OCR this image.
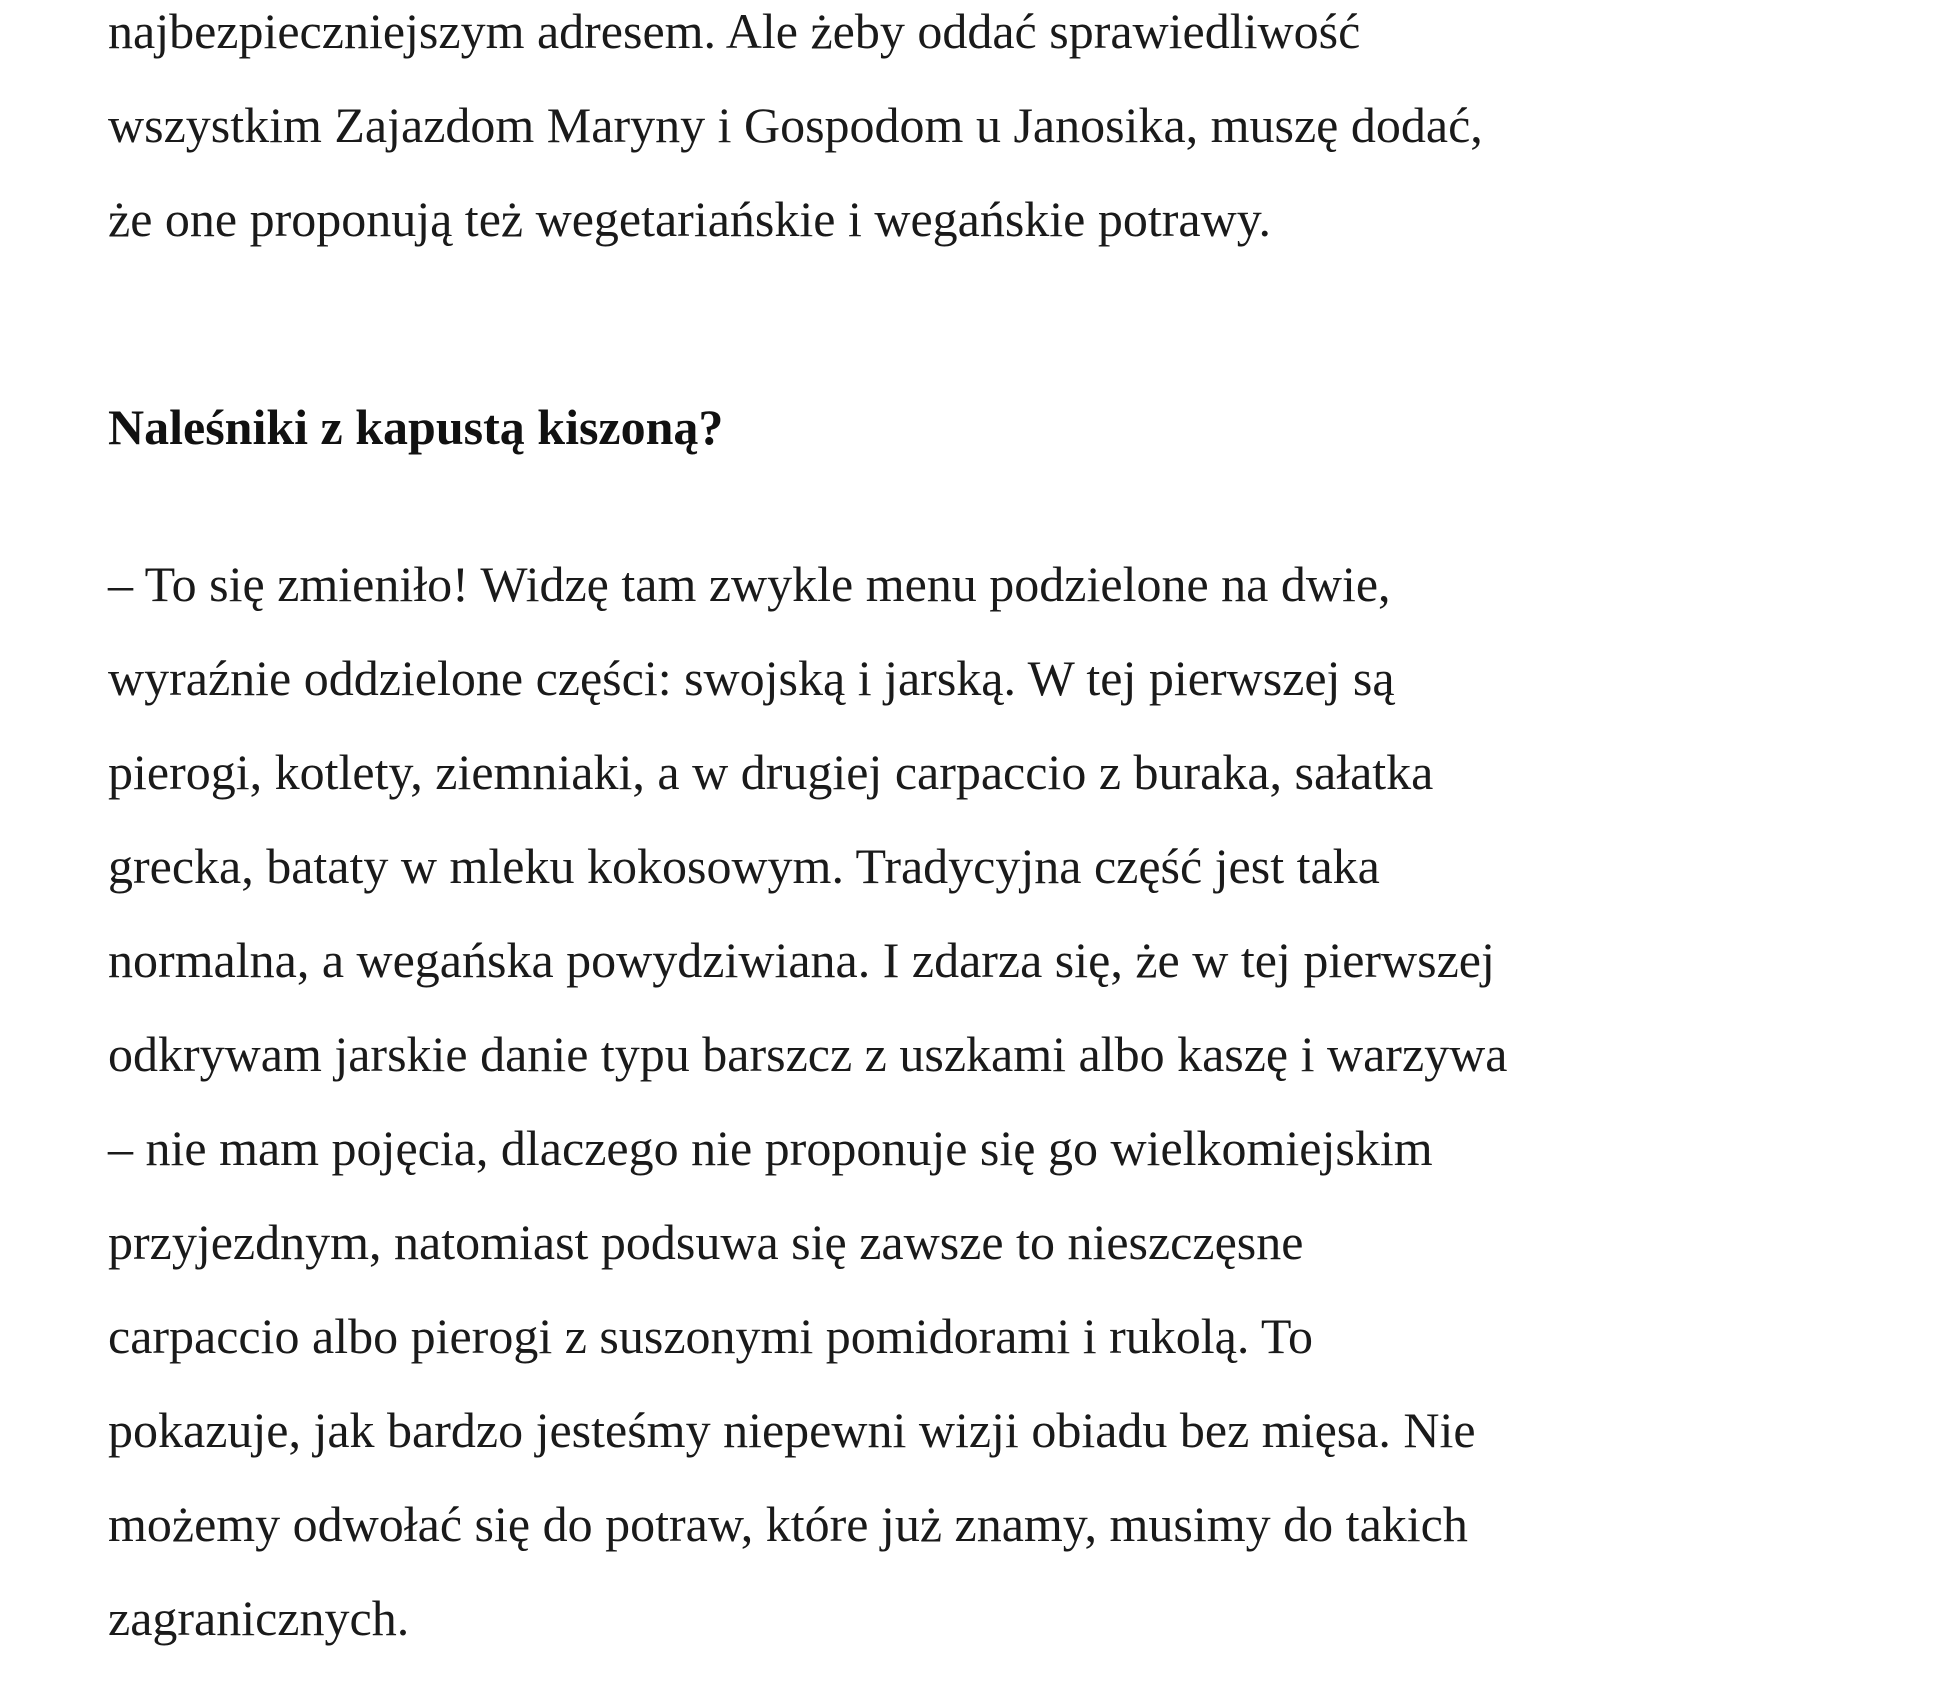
najbezpieczniejszym adresem. Ale żeby oddać sprawiedliwość
wszystkim Zajazdom Maryny i Gospodom u Janosika, muszę dodać,
że one proponują też wegetariańskie i wegańskie potrawy.
Naleśniki z kapustą kiszoną?
– To się zmieniło! Widzę tam zwykle menu podzielone na dwie,
wyraźnie oddzielone części: swojską i jarską. W tej pierwszej są
pierogi, kotlety, ziemniaki, a w drugiej carpaccio z buraka, sałatka
grecka, bataty w mleku kokosowym. Tradycyjna część jest taka
normalna, a wegańska powydziwiana. I zdarza się, że w tej pierwszej
odkrywam jarskie danie typu barszcz z uszkami albo kaszę i warzywa
– nie mam pojęcia, dlaczego nie proponuje się go wielkomiejskim
przyjezdnym, natomiast podsuwa się zawsze to nieszczęsne
carpaccio albo pierogi z suszonymi pomidorami i rukolą. To
pokazuje, jak bardzo jesteśmy niepewni wizji obiadu bez mięsa. Nie
możemy odwołać się do potraw, które już znamy, musimy do takich
zagranicznych.
